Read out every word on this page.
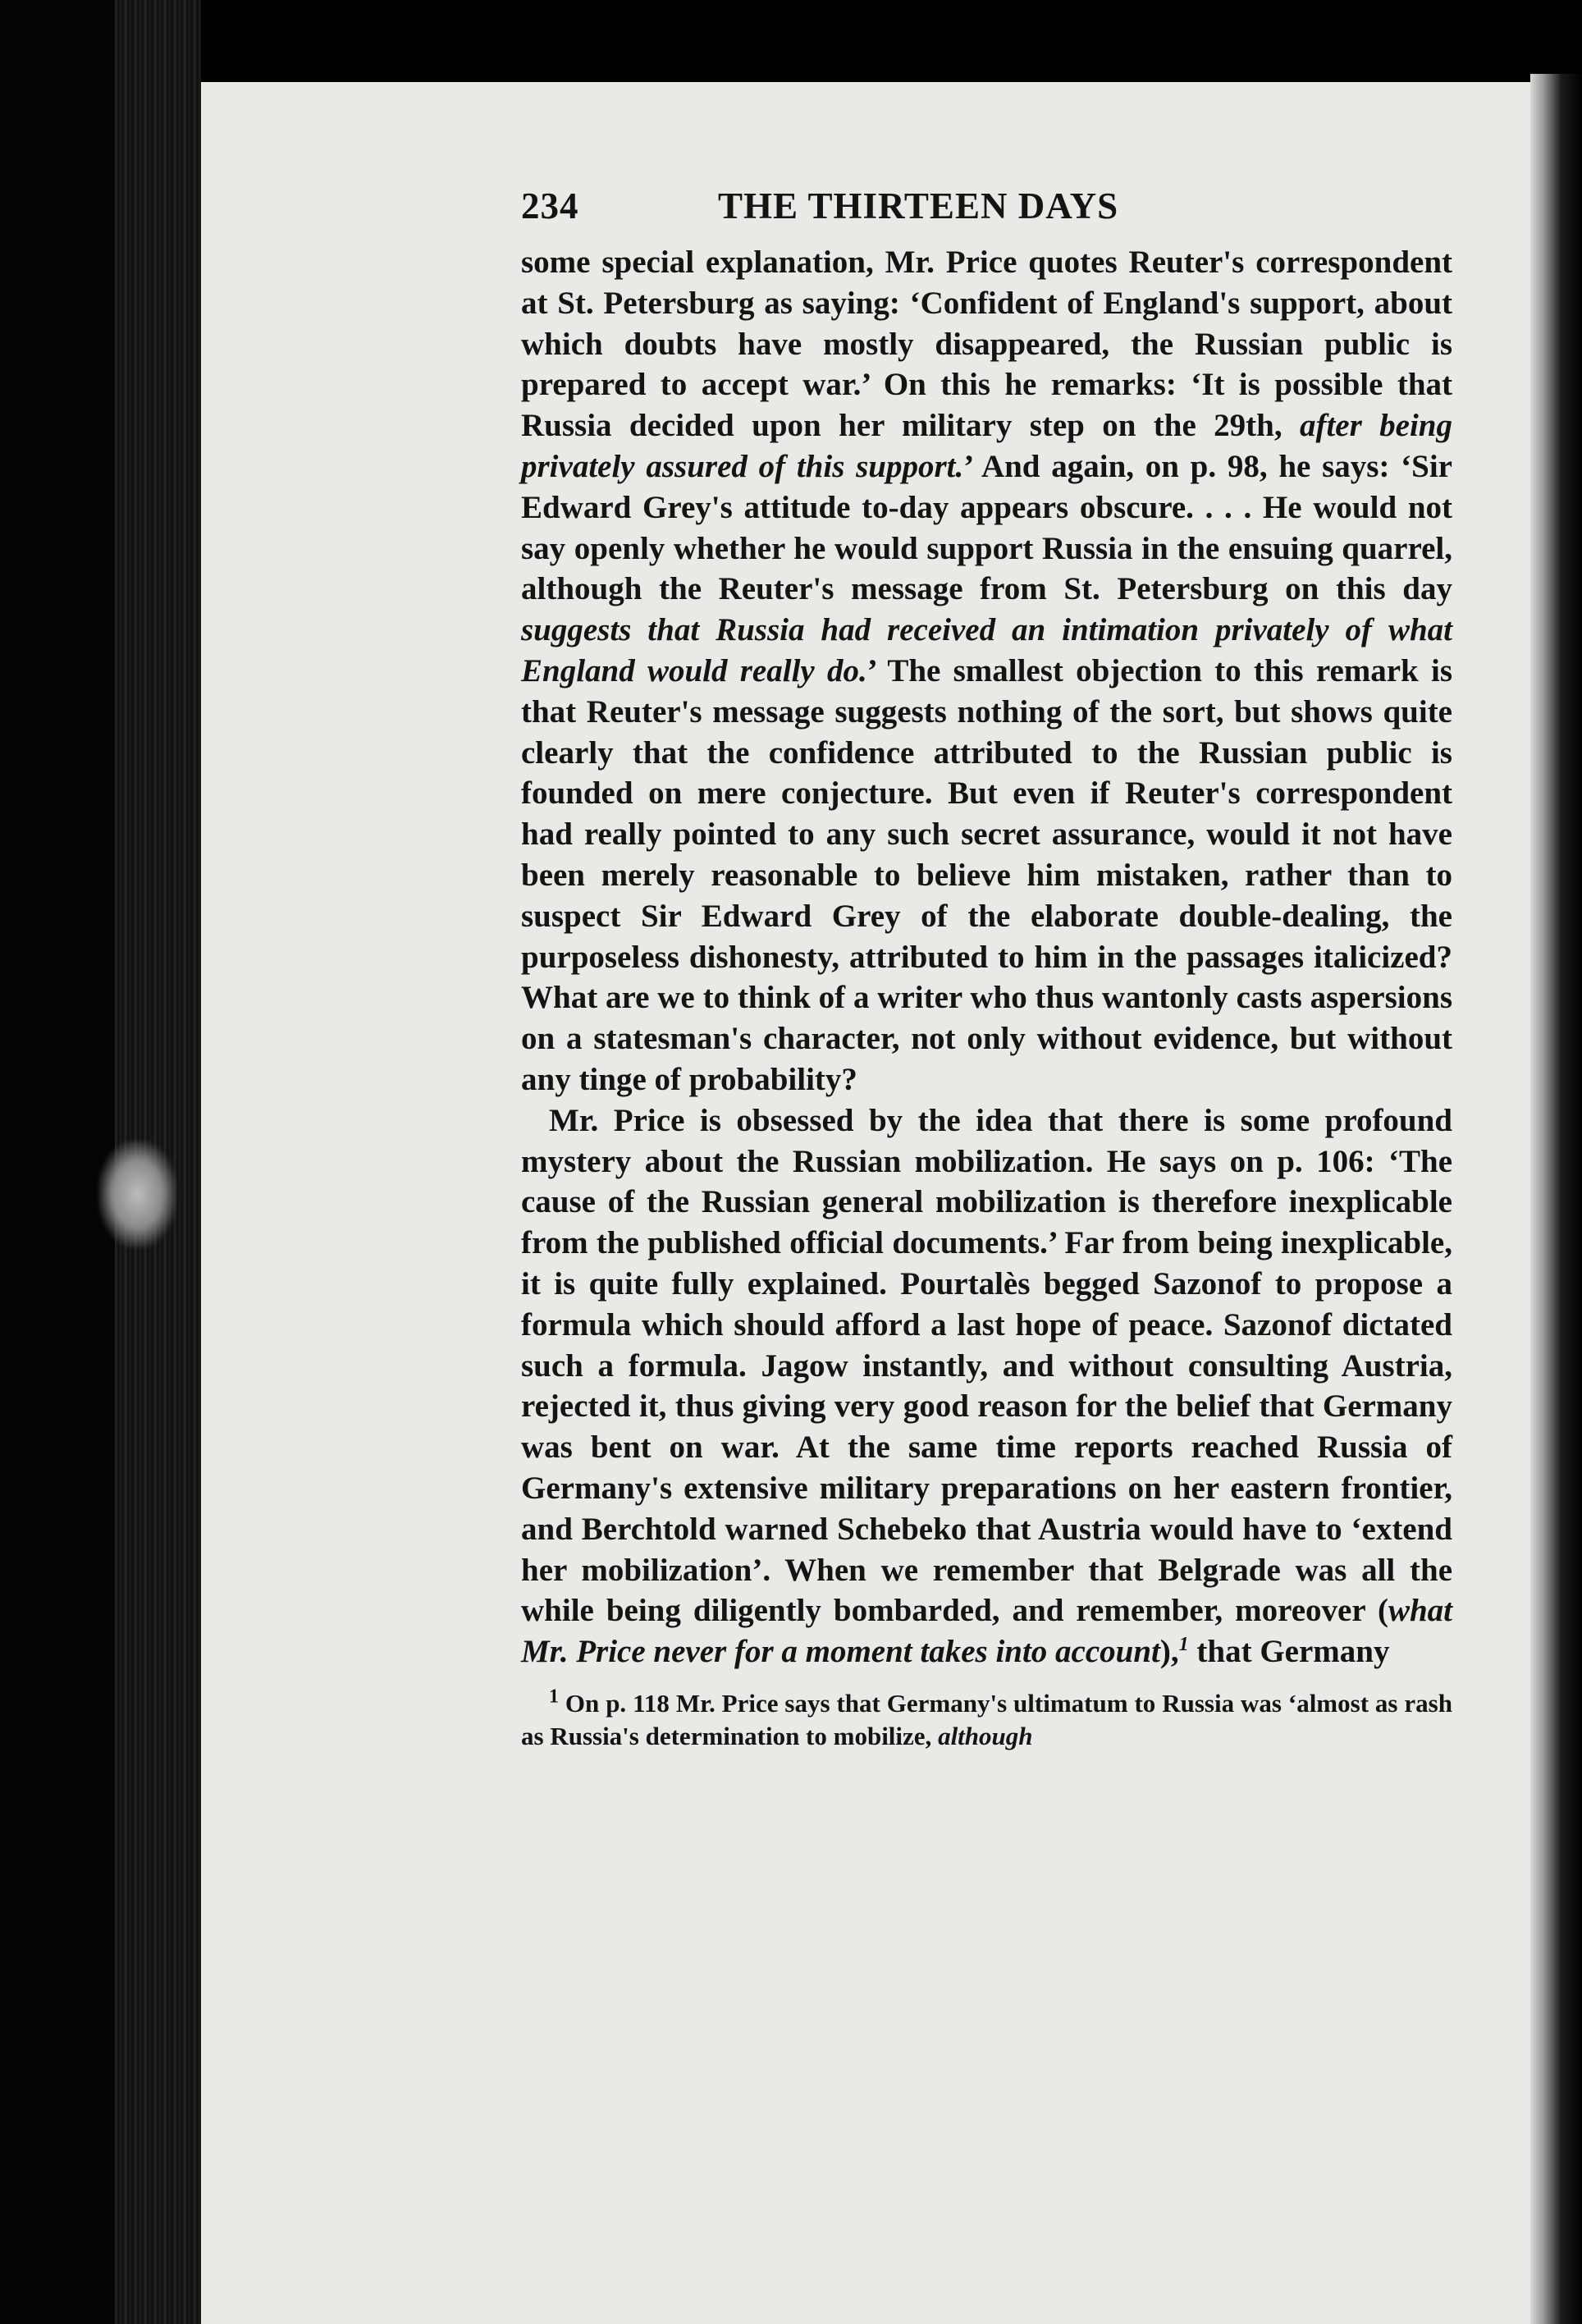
234	THE THIRTEEN DAYS

some special explanation, Mr. Price quotes Reuter's correspondent at St. Petersburg as saying: ‘Confident of England's support, about which doubts have mostly disappeared, the Russian public is prepared to accept war.’ On this he remarks: ‘It is possible that Russia decided upon her military step on the 29th, after being privately assured of this support.’ And again, on p. 98, he says: ‘Sir Edward Grey's attitude to-day appears obscure. . . . He would not say openly whether he would support Russia in the ensuing quarrel, although the Reuter's message from St. Petersburg on this day suggests that Russia had received an intimation privately of what England would really do.’ The smallest objection to this remark is that Reuter's message suggests nothing of the sort, but shows quite clearly that the confidence attributed to the Russian public is founded on mere conjecture. But even if Reuter's correspondent had really pointed to any such secret assurance, would it not have been merely reasonable to believe him mistaken, rather than to suspect Sir Edward Grey of the elaborate double-dealing, the purposeless dishonesty, attributed to him in the passages italicized? What are we to think of a writer who thus wantonly casts aspersions on a statesman's character, not only without evidence, but without any tinge of probability?

Mr. Price is obsessed by the idea that there is some profound mystery about the Russian mobilization. He says on p. 106: ‘The cause of the Russian general mobilization is therefore inexplicable from the published official documents.’ Far from being inexplicable, it is quite fully explained. Pourtalès begged Sazonof to propose a formula which should afford a last hope of peace. Sazonof dictated such a formula. Jagow instantly, and without consulting Austria, rejected it, thus giving very good reason for the belief that Germany was bent on war. At the same time reports reached Russia of Germany's extensive military preparations on her eastern frontier, and Berchtold warned Schebeko that Austria would have to ‘extend her mobilization’. When we remember that Belgrade was all the while being diligently bombarded, and remember, moreover (what Mr. Price never for a moment takes into account),$^1$ that Germany

$^1$ On p. 118 Mr. Price says that Germany's ultimatum to Russia was ‘almost as rash as Russia's determination to mobilize, although
